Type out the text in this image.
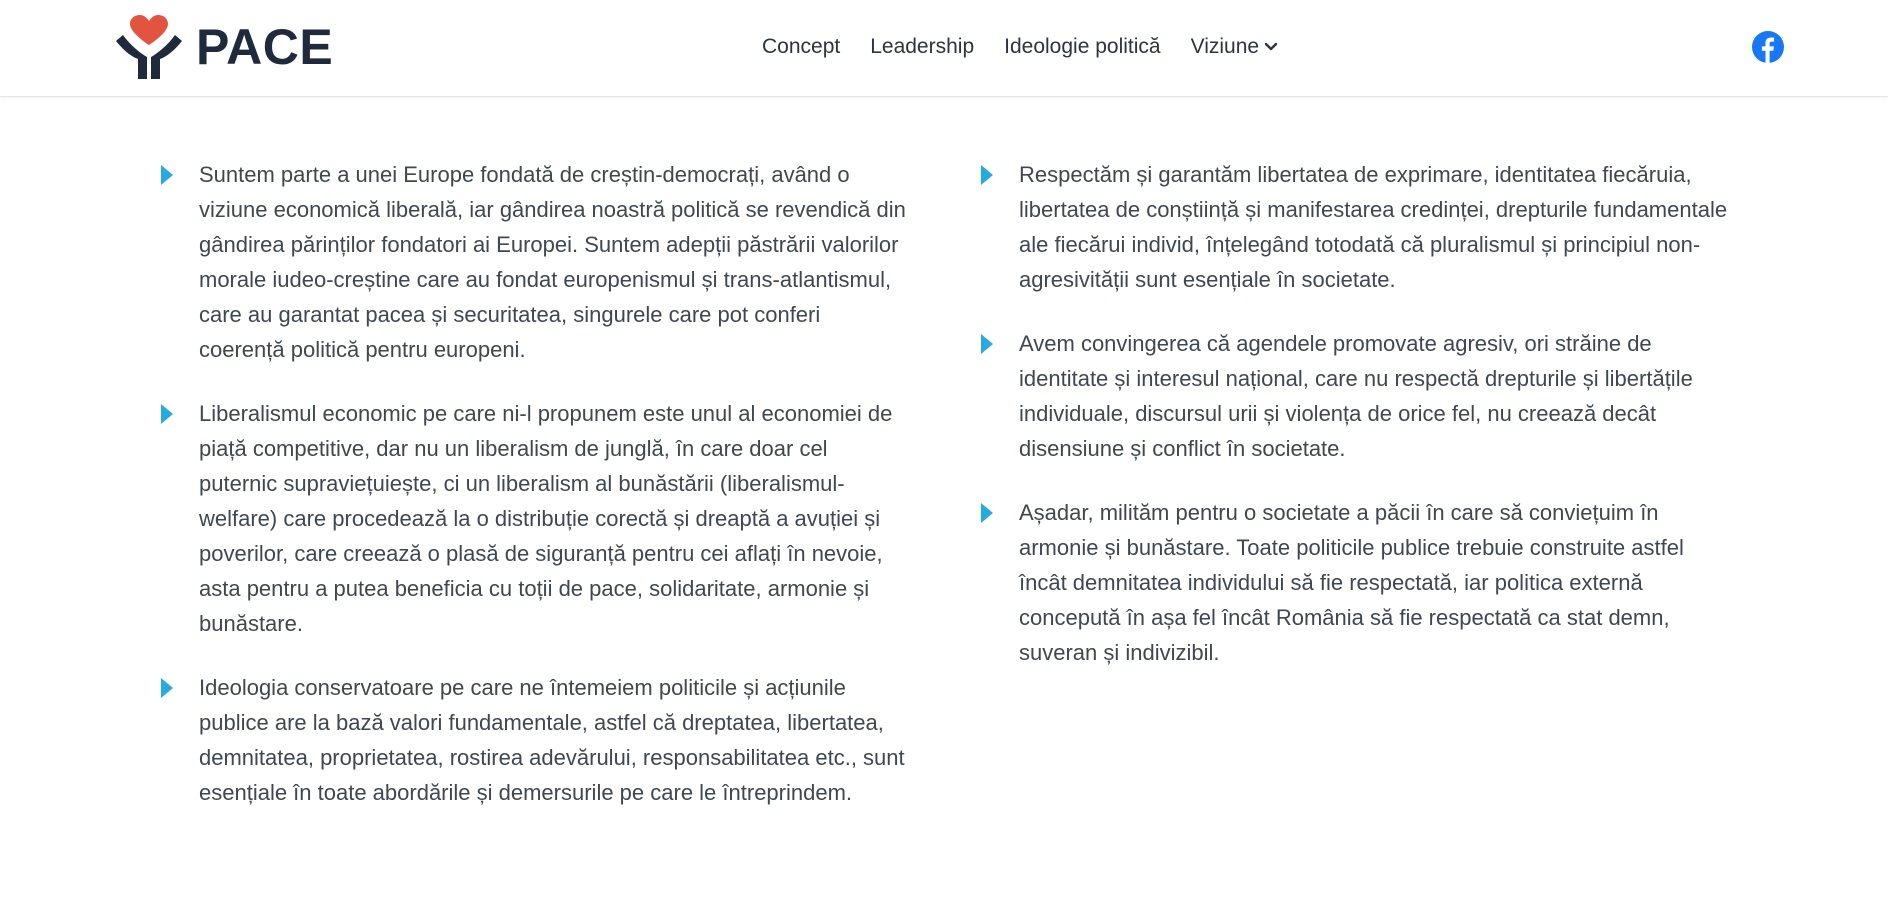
PACE	Concept Leadership Ideologie politică Viziune

Suntem parte a unei Europe fondată de creștin-democrați, având o viziune economică liberală, iar gândirea noastră politică se revendică din gândirea părinților fondatori ai Europei. Suntem adepții păstrării valorilor morale iudeo-creștine care au fondat europenismul și trans-atlantismul, care au garantat pacea și securitatea, singurele care pot conferi coerență politică pentru europeni.

Liberalismul economic pe care ni-l propunem este unul al economiei de piață competitive, dar nu un liberalism de junglă, în care doar cel puternic supraviețuiește, ci un liberalism al bunăstării (liberalismul-welfare) care procedează la o distribuție corectă și dreaptă a avuției și poverilor, care creează o plasă de siguranță pentru cei aflați în nevoie, asta pentru a putea beneficia cu toții de pace, solidaritate, armonie și bunăstare.

Ideologia conservatoare pe care ne întemeiem politicile și acțiunile publice are la bază valori fundamentale, astfel că dreptatea, libertatea, demnitatea, proprietatea, rostirea adevărului, responsabilitatea etc., sunt esențiale în toate abordările și demersurile pe care le întreprindem.

Respectăm și garantăm libertatea de exprimare, identitatea fiecăruia, libertatea de conștiință și manifestarea credinței, drepturile fundamentale ale fiecărui individ, înțelegând totodată că pluralismul și principiul non-agresivității sunt esențiale în societate.

Avem convingerea că agendele promovate agresiv, ori străine de identitate și interesul național, care nu respectă drepturile și libertățile individuale, discursul urii și violența de orice fel, nu creează decât disensiune și conflict în societate.

Așadar, milităm pentru o societate a păcii în care să conviețuim în armonie și bunăstare. Toate politicile publice trebuie construite astfel încât demnitatea individului să fie respectată, iar politica externă concepută în așa fel încât România să fie respectată ca stat demn, suveran și indivizibil.
